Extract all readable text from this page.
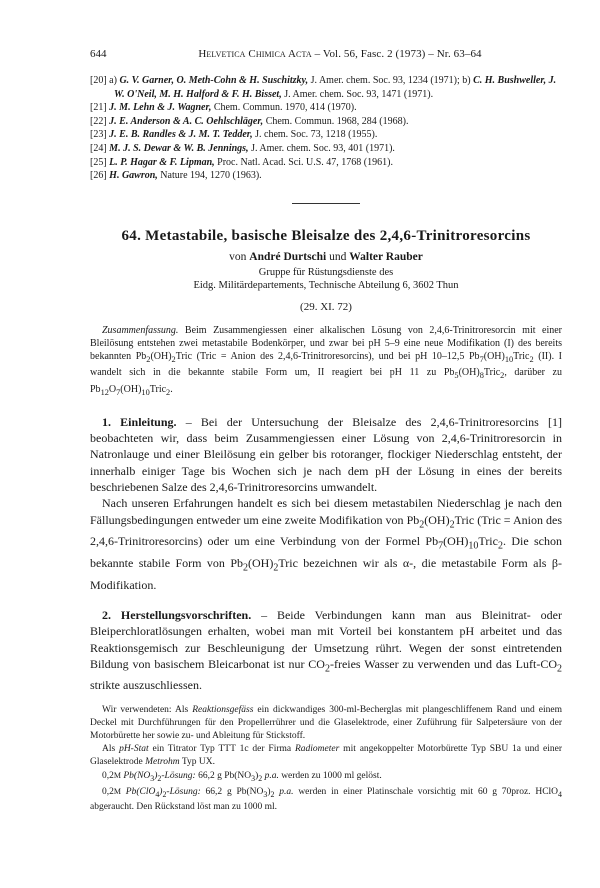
644	Helvetica Chimica Acta – Vol. 56, Fasc. 2 (1973) – Nr. 63–64
[20] a) G. V. Garner, O. Meth-Cohn & H. Suschitzky, J. Amer. chem. Soc. 93, 1234 (1971); b) C. H. Bushweller, J. W. O'Neil, M. H. Halford & F. H. Bisset, J. Amer. chem. Soc. 93, 1471 (1971).
[21] J. M. Lehn & J. Wagner, Chem. Commun. 1970, 414 (1970).
[22] J. E. Anderson & A. C. Oehlschläger, Chem. Commun. 1968, 284 (1968).
[23] J. E. B. Randles & J. M. T. Tedder, J. chem. Soc. 73, 1218 (1955).
[24] M. J. S. Dewar & W. B. Jennings, J. Amer. chem. Soc. 93, 401 (1971).
[25] L. P. Hagar & F. Lipman, Proc. Natl. Acad. Sci. U.S. 47, 1768 (1961).
[26] H. Gawron, Nature 194, 1270 (1963).
64. Metastabile, basische Bleisalze des 2,4,6-Trinitroresorcins
von André Durtschi und Walter Rauber
Gruppe für Rüstungsdienste des
Eidg. Militärdepartements, Technische Abteilung 6, 3602 Thun
(29. XI. 72)
Zusammenfassung. Beim Zusammengiessen einer alkalischen Lösung von 2,4,6-Trinitroresorcin mit einer Bleilösung entstehen zwei metastabile Bodenkörper, und zwar bei pH 5–9 eine neue Modifikation (I) des bereits bekannten $Pb_2(OH)_2Tric$ (Tric = Anion des 2,4,6-Trinitroresorcins), und bei pH 10–12,5 $Pb_7(OH)_{10}Tric_2$ (II). I wandelt sich in die bekannte stabile Form um, II reagiert bei pH 11 zu $Pb_5(OH)_8Tric_2$, darüber zu $Pb_{12}O_7(OH)_{10}Tric_2$.
1. Einleitung. – Bei der Untersuchung der Bleisalze des 2,4,6-Trinitroresorcins [1] beobachteten wir, dass beim Zusammengiessen einer Lösung von 2,4,6-Trinitroresorcin in Natronlauge und einer Bleilösung ein gelber bis rotoranger, flockiger Niederschlag entsteht, der innerhalb einiger Tage bis Wochen sich je nach dem pH der Lösung in eines der bereits beschriebenen Salze des 2,4,6-Trinitroresorcins umwandelt.
Nach unseren Erfahrungen handelt es sich bei diesem metastabilen Niederschlag je nach den Fällungsbedingungen entweder um eine zweite Modifikation von $Pb_2(OH)_2Tric$ (Tric = Anion des 2,4,6-Trinitroresorcins) oder um eine Verbindung von der Formel $Pb_7(OH)_{10}Tric_2$. Die schon bekannte stabile Form von $Pb_2(OH)_2Tric$ bezeichnen wir als α-, die metastabile Form als β-Modifikation.
2. Herstellungsvorschriften. – Beide Verbindungen kann man aus Bleinitrat- oder Bleiperchloratlösungen erhalten, wobei man mit Vorteil bei konstantem pH arbeitet und das Reaktionsgemisch zur Beschleunigung der Umsetzung rührt. Wegen der sonst eintretenden Bildung von basischem Bleicarbonat ist nur $CO_2$-freies Wasser zu verwenden und das Luft-$CO_2$ strikte auszuschliessen.
Wir verwendeten: Als Reaktionsgefäss ein dickwandiges 300-ml-Becherglas mit plangeschliffenem Rand und einem Deckel mit Durchführungen für den Propellerrührer und die Glaselektrode, einer Zuführung für Salpetersäure von der Motorbürette her sowie zu- und Ableitung für Stickstoff.
Als pH-Stat ein Titrator Typ TTT 1c der Firma Radiometer mit angekoppelter Motorbürette Typ SBU 1a und einer Glaselektrode Metrohm Typ UX.
0,2M $Pb(NO_3)_2$-Lösung: 66,2 g $Pb(NO_3)_2$ p.a. werden zu 1000 ml gelöst.
0,2M $Pb(ClO_4)_2$-Lösung: 66,2 g $Pb(NO_3)_2$ p.a. werden in einer Platinschale vorsichtig mit 60 g 70proz. HClO$_4$ abgeraucht. Den Rückstand löst man zu 1000 ml.
